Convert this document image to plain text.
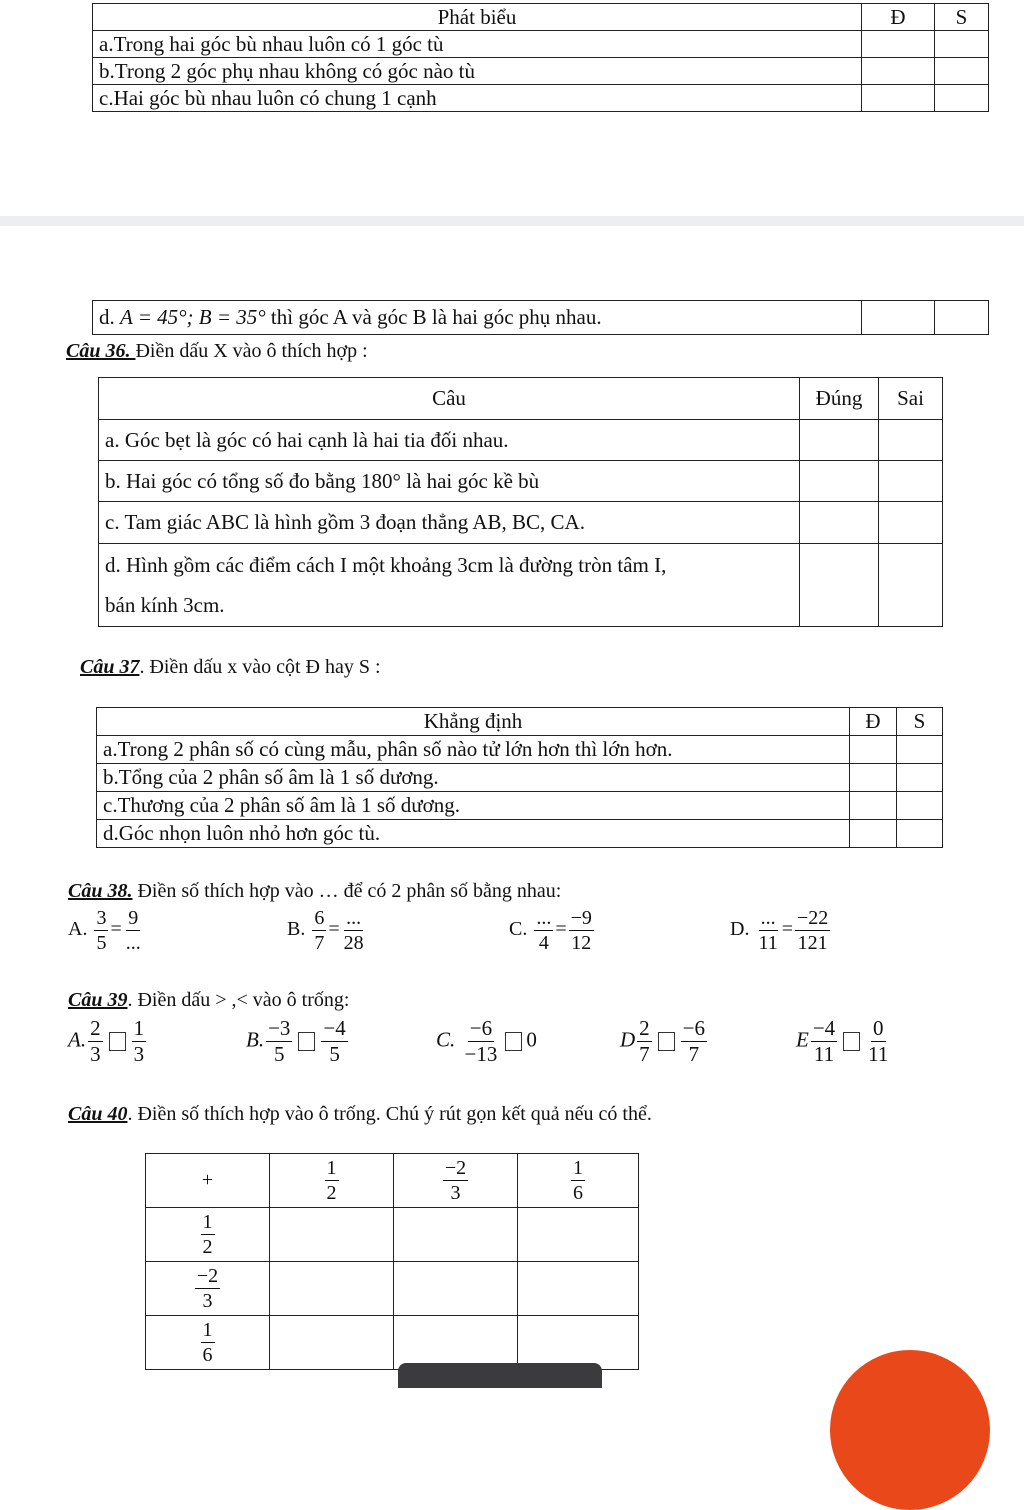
Phát biểu	Đ	S
a.Trong hai góc bù nhau luôn có 1 góc tù		
b.Trong 2 góc phụ nhau không có góc nào tù		
c.Hai góc bù nhau luôn có chung 1 cạnh		
d. A = 45°; B = 35° thì góc A và góc B là hai góc phụ nhau.		
Câu 36. Điền dấu X vào ô thích hợp :
Câu	Đúng	Sai
a. Góc bẹt là góc có hai cạnh là hai tia đối nhau.		
b. Hai góc có tổng số đo bằng 180° là hai góc kề bù		
c. Tam giác ABC là hình gồm 3 đoạn thẳng AB, BC, CA.		

d. Hình gồm các điểm cách I một khoảng 3cm là đường tròn tâm I,
bán kính 3cm.		

Câu 37. Điền dấu x vào cột Đ hay S :
Khẳng định	Đ	S
a.Trong 2 phân số có cùng mẫu, phân số nào tử lớn hơn thì lớn hơn.		
b.Tổng của 2 phân số âm là 1 số dương.		
c.Thương của 2 phân số âm là 1 số dương.		
d.Góc nhọn luôn nhỏ hơn góc tù.		
Câu 38. Điền số thích hợp vào … để có 2 phân số bằng nhau:
A. $\frac{3}{5} = \frac{9}{...}$	B. $\frac{6}{7} = \frac{...}{28}$	C. $\frac{...}{4} = \frac{-9}{12}$	D. $\frac{...}{11} = \frac{-22}{121}$
Câu 39. Điền dấu > ,< vào ô trống:
A. $\frac{2}{3} \frac{1}{3}$	B. $\frac{-3}{5} \frac{-4}{5}$	C. $\frac{-6}{-13} 0$	D $\frac{2}{7} \frac{-6}{7}$	E $\frac{-4}{11} \frac{0}{11}$
Câu 40. Điền số thích hợp vào ô trống. Chú ý rút gọn kết quả nếu có thể.
+	$\frac{1}{2}$	$\frac{-2}{3}$	$\frac{1}{6}$

$\frac{1}{2}$

$\frac{-2}{3}$

$\frac{1}{6}$
